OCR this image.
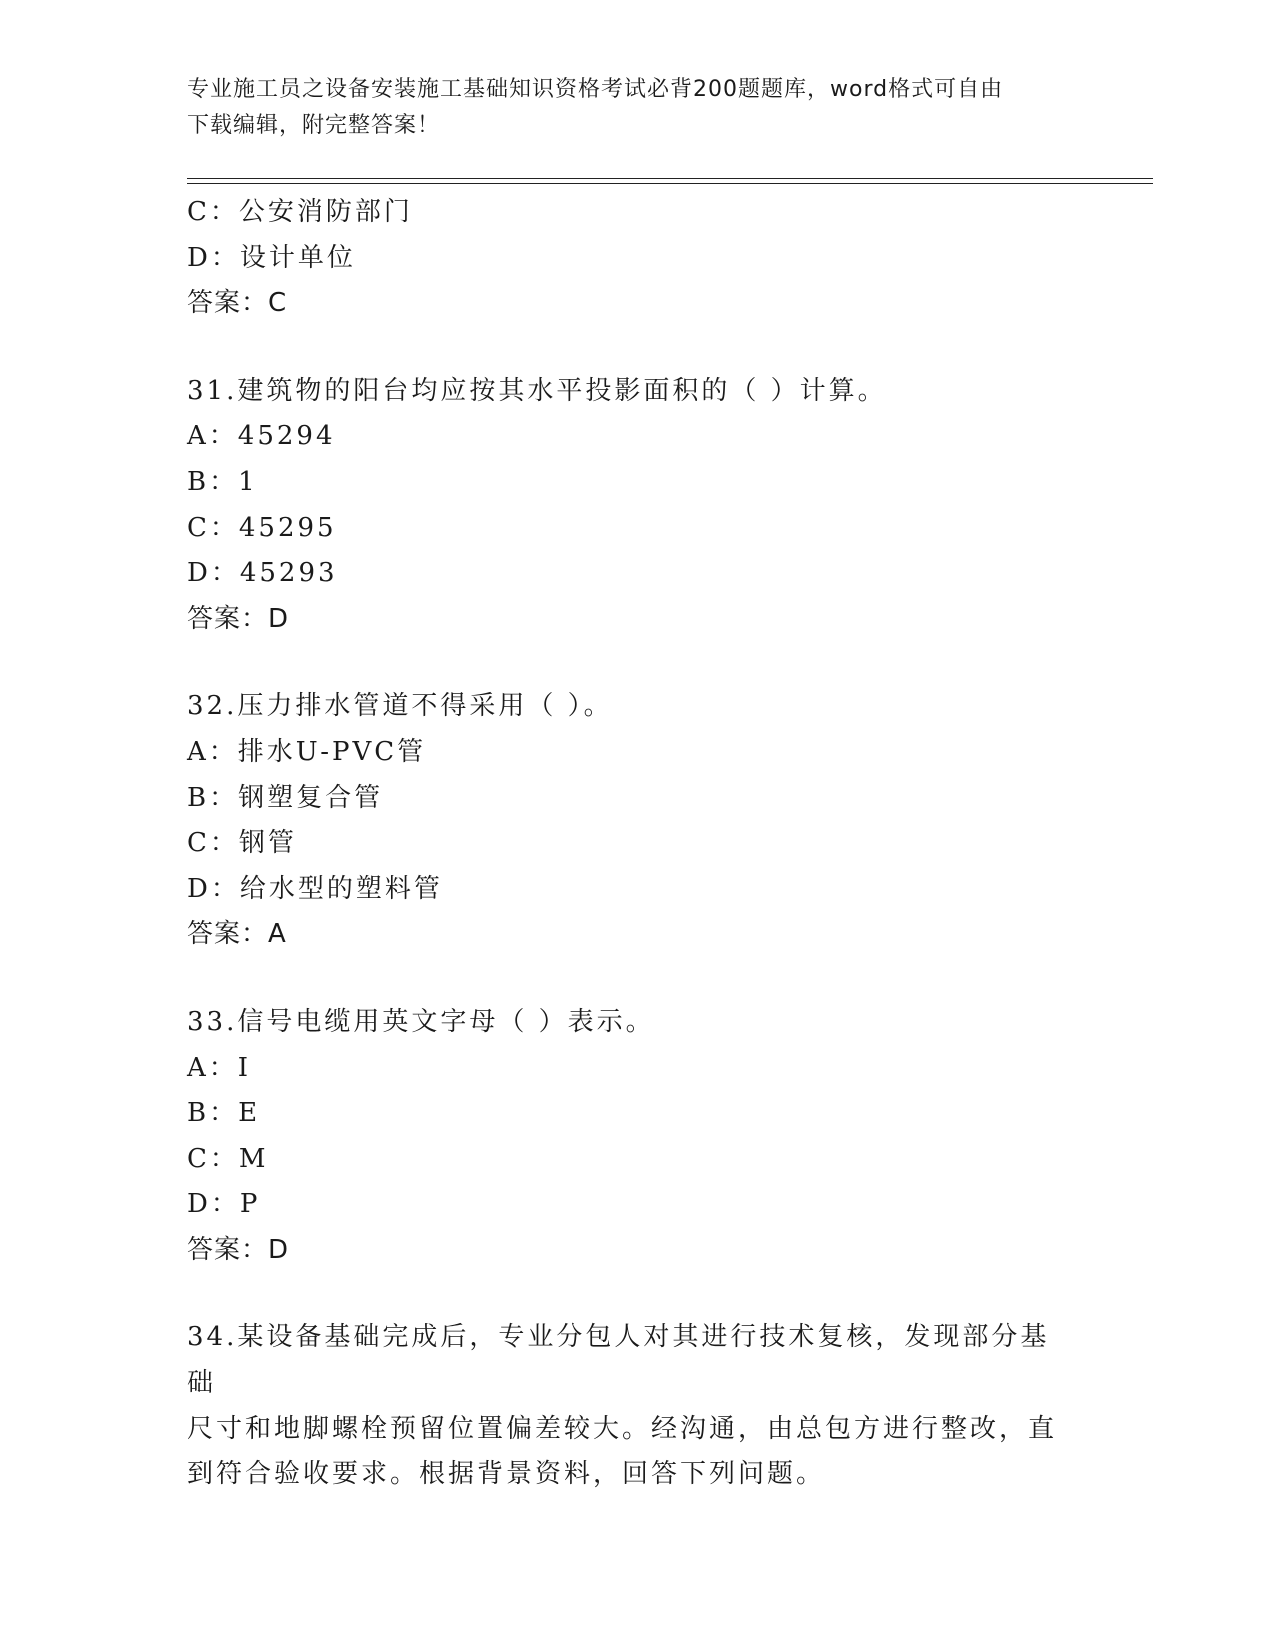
专业施工员之设备安装施工基础知识资格考试必背200题题库，word格式可自由
下载编辑，附完整答案！
C：公安消防部门
D：设计单位
答案：C
31.建筑物的阳台均应按其水平投影面积的（ ）计算。
A：45294
B：1
C：45295
D：45293
答案：D
32.压力排水管道不得采用（ ）。
A：排水U-PVC管
B：钢塑复合管
C：钢管
D：给水型的塑料管
答案：A
33.信号电缆用英文字母（ ）表示。
A：I
B：E
C：M
D：P
答案：D
34.某设备基础完成后，专业分包人对其进行技术复核，发现部分基础
尺寸和地脚螺栓预留位置偏差较大。经沟通，由总包方进行整改，直
到符合验收要求。根据背景资料，回答下列问题。
